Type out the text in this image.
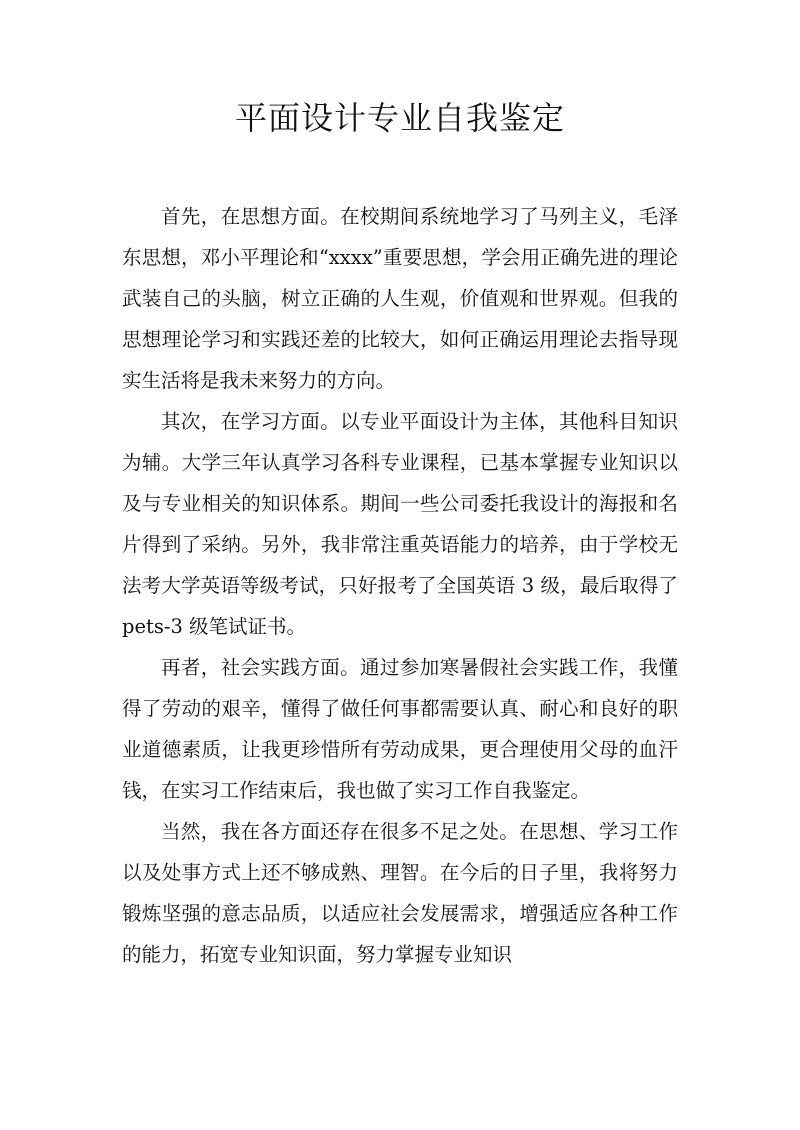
平面设计专业自我鉴定

首先，在思想方面。在校期间系统地学习了马列主义，毛泽东思想，邓小平理论和“xxxx”重要思想，学会用正确先进的理论武装自己的头脑，树立正确的人生观，价值观和世界观。但我的思想理论学习和实践还差的比较大，如何正确运用理论去指导现实生活将是我未来努力的方向。

其次，在学习方面。以专业平面设计为主体，其他科目知识为辅。大学三年认真学习各科专业课程，已基本掌握专业知识以及与专业相关的知识体系。期间一些公司委托我设计的海报和名片得到了采纳。另外，我非常注重英语能力的培养，由于学校无法考大学英语等级考试，只好报考了全国英语 3 级，最后取得了 pets-3 级笔试证书。

再者，社会实践方面。通过参加寒暑假社会实践工作，我懂得了劳动的艰辛，懂得了做任何事都需要认真、耐心和良好的职业道德素质，让我更珍惜所有劳动成果，更合理使用父母的血汗钱，在实习工作结束后，我也做了实习工作自我鉴定。

当然，我在各方面还存在很多不足之处。在思想、学习工作以及处事方式上还不够成熟、理智。在今后的日子里，我将努力锻炼坚强的意志品质，以适应社会发展需求，增强适应各种工作的能力，拓宽专业知识面，努力掌握专业知识
